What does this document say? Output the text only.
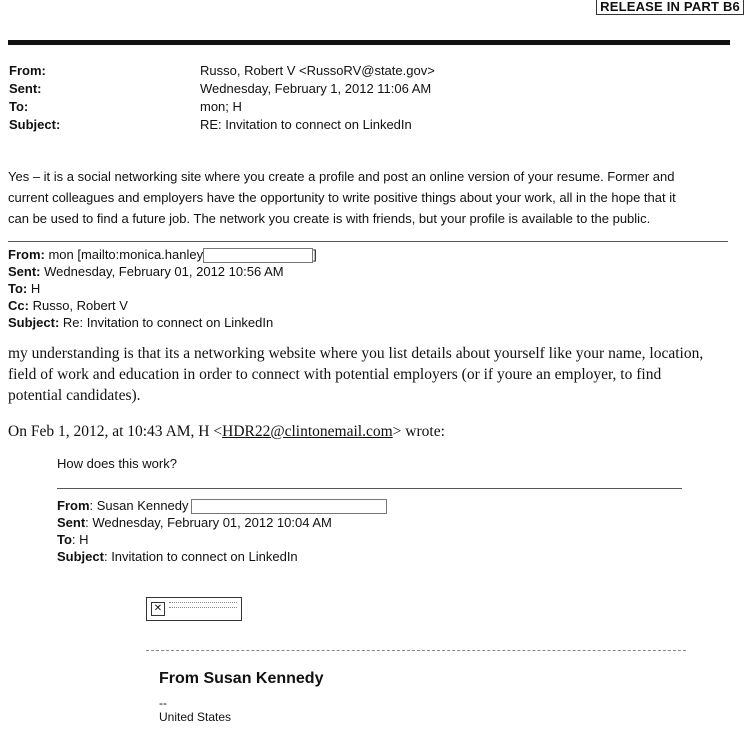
RELEASE IN PART B6
From:	Russo, Robert V <RussoRV@state.gov>
Sent:	Wednesday, February 1, 2012 11:06 AM
To:	mon; H
Subject:	RE: Invitation to connect on LinkedIn
Yes – it is a social networking site where you create a profile and post an online version of your resume. Former and
current colleagues and employers have the opportunity to write positive things about your work, all in the hope that it
can be used to find a future job. The network you create is with friends, but your profile is available to the public.
From: mon [mailto:monica.hanley	]
Sent: Wednesday, February 01, 2012 10:56 AM
To: H
Cc: Russo, Robert V
Subject: Re: Invitation to connect on LinkedIn
my understanding is that its a networking website where you list details about yourself like your name, location,
field of work and education in order to connect with potential employers (or if youre an employer, to find
potential candidates).
On Feb 1, 2012, at 10:43 AM, H <HDR22@clintonemail.com> wrote:
How does this work?
From: Susan Kennedy
Sent: Wednesday, February 01, 2012 10:04 AM
To: H
Subject: Invitation to connect on LinkedIn
✕
From Susan Kennedy
--
United States
